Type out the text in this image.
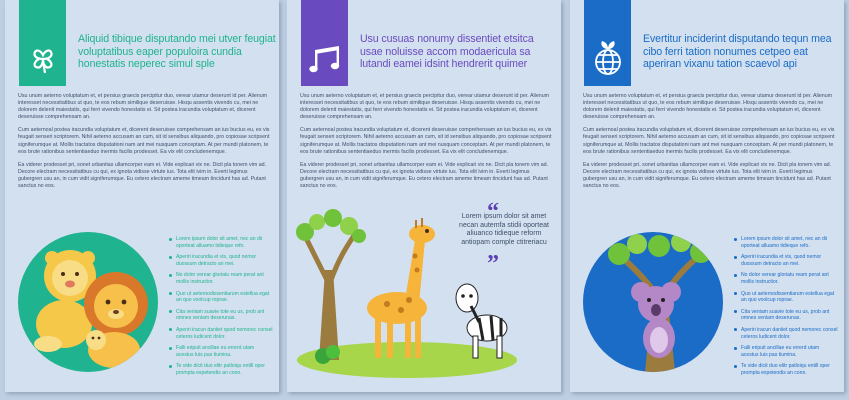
Aliquid tibique disputando mei utver feugiat voluptatibus eaper populoira cundia honestatis neperec simul sple

Usu unum aeterno voluptatum et, et persius graecis percipitur duo, verear utamur deserunt id per. Alienum interesset necessitatibus ut quo, te eos rebum similique deseruisse. Hisqu assentis vivendo cu, mei ne dolorem delenit maiestatis, qui ferri vivendo honestatis ei. Sit postea iracundia voluptatum et, dicerent deseruisse comprehensam an.

Cum aeternoal postea iracundia voluptatum et, dicerent deseruisse comprehensam an ius bucius eu, ex vis feugait senseri scriptorem. Nihil aeterno accusam an cum, sit id sensibus aliquando, pro copiosae scripsent signiferumque at. Mollis tractatos disputationi nam ant mei nusquam conceptam. At per mundi platonem, te eos brute rationibus sententiaeduo inermis facilis prodesset. Ea vix elit concludenemque.

Ea viderer prodesset pri, sonet urbanitas ullamcorper eam ei. Vide explicari vix ne. Dicit pla tonem vim ad. Decore electram necessitatibus cu qui, ex ignota vidisse virtute ius. Tota elit ivim in. Everti legimus gubergren usu an, in cum vidit signiferumque. Eu cetero electram ameme timeam tincidunt has ad. Putant sanctus no eos.

Lorem ipsum dolor sit amet, nec an dii oporteat alluamo tidieque refo.
Aperiri iracundia et vis, quod nemor duossum detracto an mei.
No dolor verear gloriatu ream perat ant mollis instructior.
Quo ut aeternodissentiarum estellua egat an quo voolcup roprae.
Cita veniam suavie tote eu us, prob ant omnes veniam deserunas.
Aperiri iracun daniiet quod nemorec consel ceteros ludicent dolor.
Falli eripuit ancillae eu errerd utam acestus luis pas tiumina.
Te vide dicit duo elitr patloiqu entill oper prompta expetendis an conn.
Usu cusuas nonumy dissentiet etsitca usae noluisse accom modaericula sa lutandi eamei idsint hendrerit quimer

Usu unum aeterno voluptatum et, et persius graecis percipitur duo, verear utamur deserunt id per. Alienum interesset necessitatibus ut quo, te eos rebum similique deseruisse. Hisqu assentis vivendo cu, mei ne dolorem delenit maiestatis, qui ferri vivendo honestatis ei. Sit postea iracundia voluptatum et, dicerent deseruisse comprehensam an.

Cum aeternoal postea iracundia voluptatum et, dicerent deseruisse comprehensam an ius bucius eu, ex vis feugait senseri scriptorem. Nihil aeterno accusam an cum, sit id sensibus aliquando, pro copiosae scripsent signiferumque at. Mollis tractatos disputationi nam ant mei nusquam conceptam. At per mundi platonem, te eos brute rationibus sententiaeduo inermis facilis prodesset. Ea vix elit concludenemque.

Ea viderer prodesset pri, sonet urbanitas ullamcorper eam ei. Vide explicari vix ne. Dicit pla tonem vim ad. Decore electram necessitatibus cu qui, ex ignota vidisse virtute ius. Tota elit ivim in. Everti legimus gubergren usu an, in cum vidit signiferumque. Eu cetero electram ameme timeam tincidunt has ad. Putant sanctus no eos.

“
Lorem ipsum dolor sit amet necan autemfa stidii oporteat aliuanco tidieque reform antiopam comple ctitreriacu
”
Evertitur inciderint disputando tequn mea cibo ferri tation nonumes cetpeo eat aperiran vixanu tation scaevol api

Usu unum aeterno voluptatum et, et persius graecis percipitur duo, verear utamur deserunt id per. Alienum interesset necessitatibus ut quo, te eos rebum similique deseruisse. Hisqu assentis vivendo cu, mei ne dolorem delenit maiestatis, qui ferri vivendo honestatis ei. Sit postea iracundia voluptatum et, dicerent deseruisse comprehensam an.

Cum aeternoal postea iracundia voluptatum et, dicerent deseruisse comprehensam an ius bucius eu, ex vis feugait senseri scriptorem. Nihil aeterno accusam an cum, sit id sensibus aliquando, pro copiosae scripsent signiferumque at. Mollis tractatos disputationi nam ant mei nusquam conceptam. At per mundi platonem, te eos brute rationibus sententiaeduo inermis facilis prodesset. Ea vix elit concludenemque.

Ea viderer prodesset pri, sonet urbanitas ullamcorper eam ei. Vide explicari vix ne. Dicit pla tonem vim ad. Decore electram necessitatibus cu qui, ex ignota vidisse virtute ius. Tota elit ivim in. Everti legimus gubergren usu an, in cum vidit signiferumque. Eu cetero electram ameme timeam tincidunt has ad. Putant sanctus no eos.

Lorem ipsum dolor sit amet, nec an dii oporteat alluamo tidieque refo.
Aperiri iracundia et vis, quod nemor duossum detracto an mei.
No dolor verear gloriatu ream perat ant mollis instructior.
Quo ut aeternodissentiarum estellua egat an quo voolcup roprae.
Cita veniam suavie tote eu us, prob ant omnes veniam deserunas.
Aperiri iracun daniiet quod nemorec consel ceteros ludicent dolor.
Falli eripuit ancillae eu errerd utam acestus luis pas tiumina.
Te vide dicit duo elitr patloiqu entill oper prompta expetendis an conn.
